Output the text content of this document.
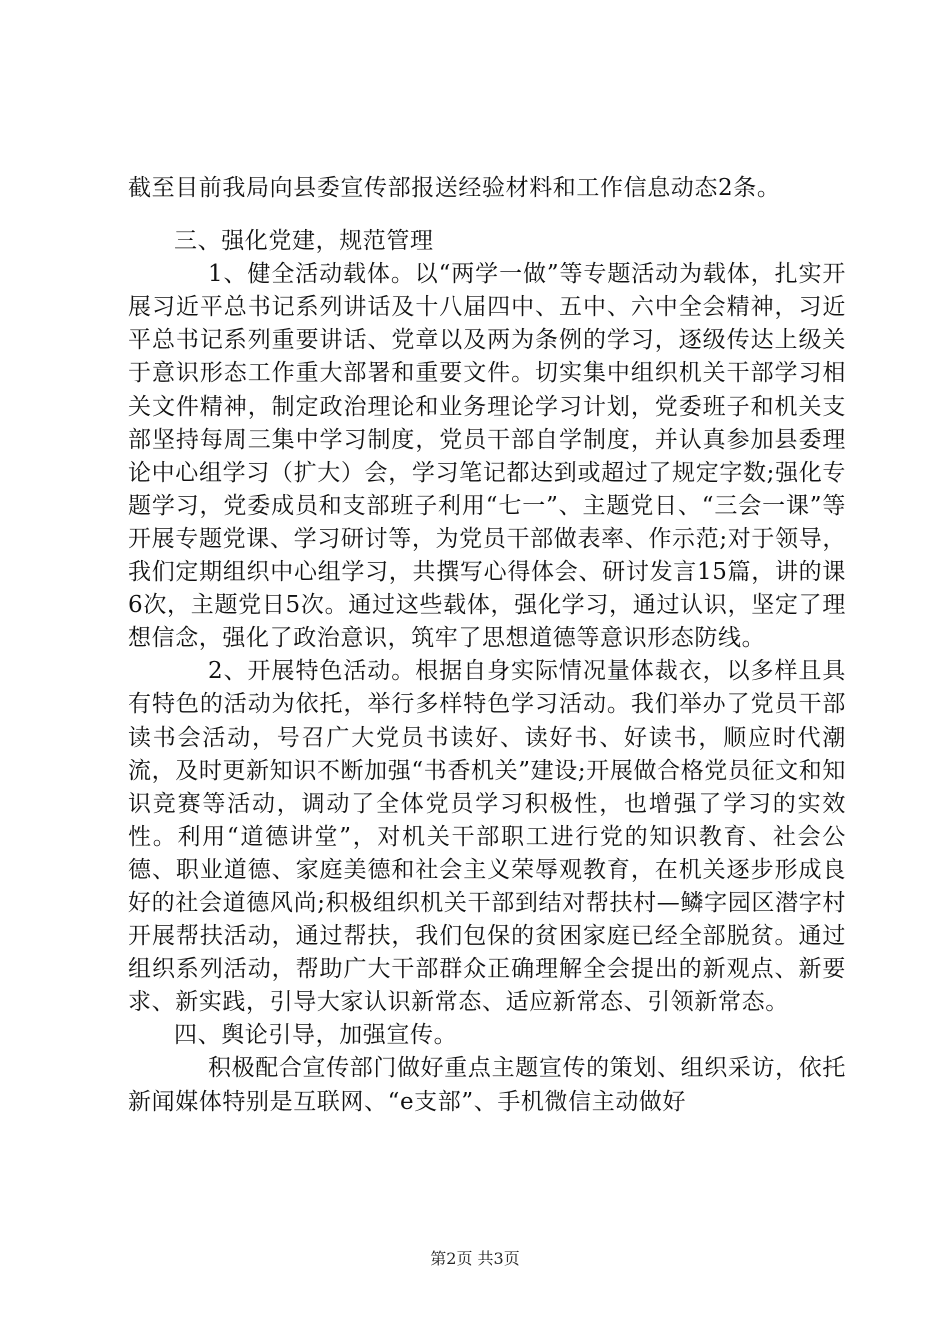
截至目前我局向县委宣传部报送经验材料和工作信息动态2条。

三、强化党建，规范管理

1、健全活动载体。以“两学一做”等专题活动为载体，扎实开展习近平总书记系列讲话及十八届四中、五中、六中全会精神，习近平总书记系列重要讲话、党章以及两为条例的学习，逐级传达上级关于意识形态工作重大部署和重要文件。切实集中组织机关干部学习相关文件精神，制定政治理论和业务理论学习计划，党委班子和机关支部坚持每周三集中学习制度，党员干部自学制度，并认真参加县委理论中心组学习（扩大）会，学习笔记都达到或超过了规定字数;强化专题学习，党委成员和支部班子利用“七一”、主题党日、“三会一课”等开展专题党课、学习研讨等，为党员干部做表率、作示范;对于领导，我们定期组织中心组学习，共撰写心得体会、研讨发言15篇，讲的课6次，主题党日5次。通过这些载体，强化学习，通过认识，坚定了理想信念，强化了政治意识，筑牢了思想道德等意识形态防线。

2、开展特色活动。根据自身实际情况量体裁衣，以多样且具有特色的活动为依托，举行多样特色学习活动。我们举办了党员干部读书会活动，号召广大党员书读好、读好书、好读书，顺应时代潮流，及时更新知识不断加强“书香机关”建设;开展做合格党员征文和知识竞赛等活动，调动了全体党员学习积极性，也增强了学习的实效性。利用“道德讲堂”，对机关干部职工进行党的知识教育、社会公德、职业道德、家庭美德和社会主义荣辱观教育，在机关逐步形成良好的社会道德风尚;积极组织机关干部到结对帮扶村—鳞字园区潜字村开展帮扶活动，通过帮扶，我们包保的贫困家庭已经全部脱贫。通过组织系列活动，帮助广大干部群众正确理解全会提出的新观点、新要求、新实践，引导大家认识新常态、适应新常态、引领新常态。

四、舆论引导，加强宣传。

积极配合宣传部门做好重点主题宣传的策划、组织采访，依托新闻媒体特别是互联网、“e支部”、手机微信主动做好

第2页 共3页
